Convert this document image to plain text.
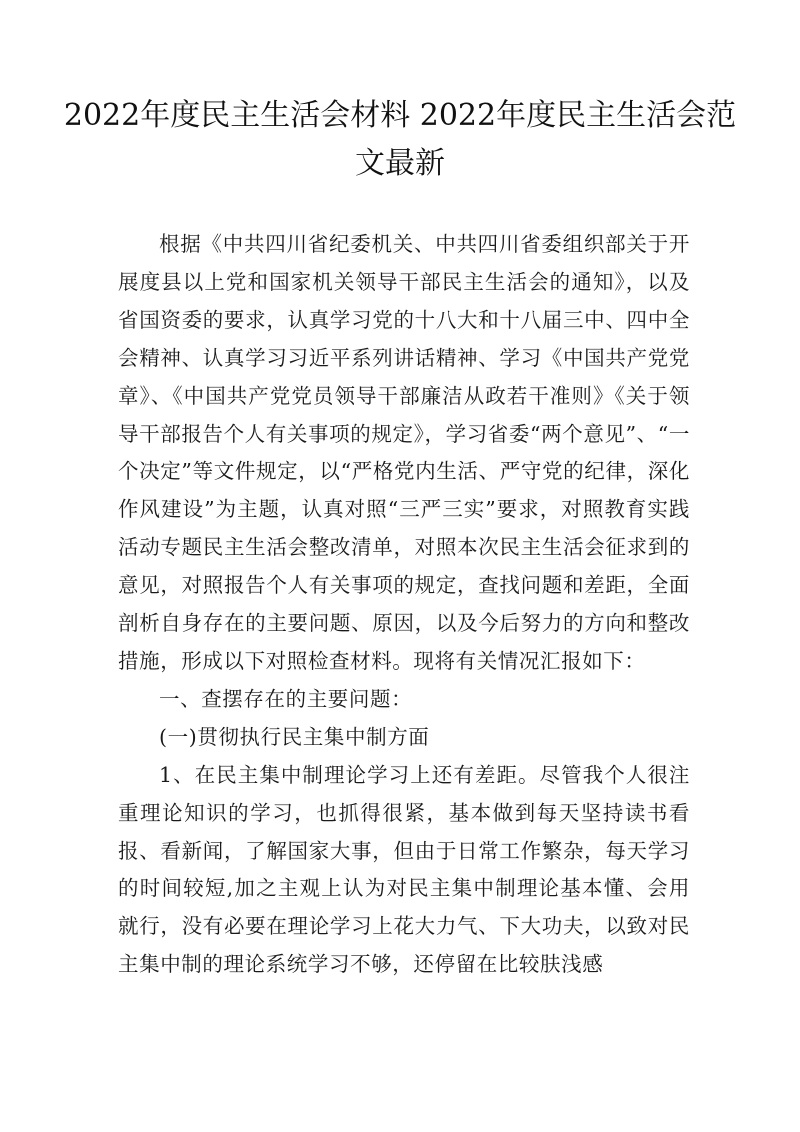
2022年度民主生活会材料 2022年度民主生活会范文最新

根据《中共四川省纪委机关、中共四川省委组织部关于开展度县以上党和国家机关领导干部民主生活会的通知》，以及省国资委的要求，认真学习党的十八大和十八届三中、四中全会精神、认真学习习近平系列讲话精神、学习《中国共产党党章》、《中国共产党党员领导干部廉洁从政若干准则》《关于领导干部报告个人有关事项的规定》，学习省委“两个意见”、“一个决定”等文件规定，以“严格党内生活、严守党的纪律，深化作风建设”为主题，认真对照“三严三实”要求，对照教育实践活动专题民主生活会整改清单，对照本次民主生活会征求到的意见，对照报告个人有关事项的规定，查找问题和差距，全面剖析自身存在的主要问题、原因，以及今后努力的方向和整改措施，形成以下对照检查材料。现将有关情况汇报如下：

一、查摆存在的主要问题：

(一)贯彻执行民主集中制方面

1、在民主集中制理论学习上还有差距。尽管我个人很注重理论知识的学习，也抓得很紧，基本做到每天坚持读书看报、看新闻，了解国家大事，但由于日常工作繁杂，每天学习的时间较短,加之主观上认为对民主集中制理论基本懂、会用就行，没有必要在理论学习上花大力气、下大功夫，以致对民主集中制的理论系统学习不够，还停留在比较肤浅感
